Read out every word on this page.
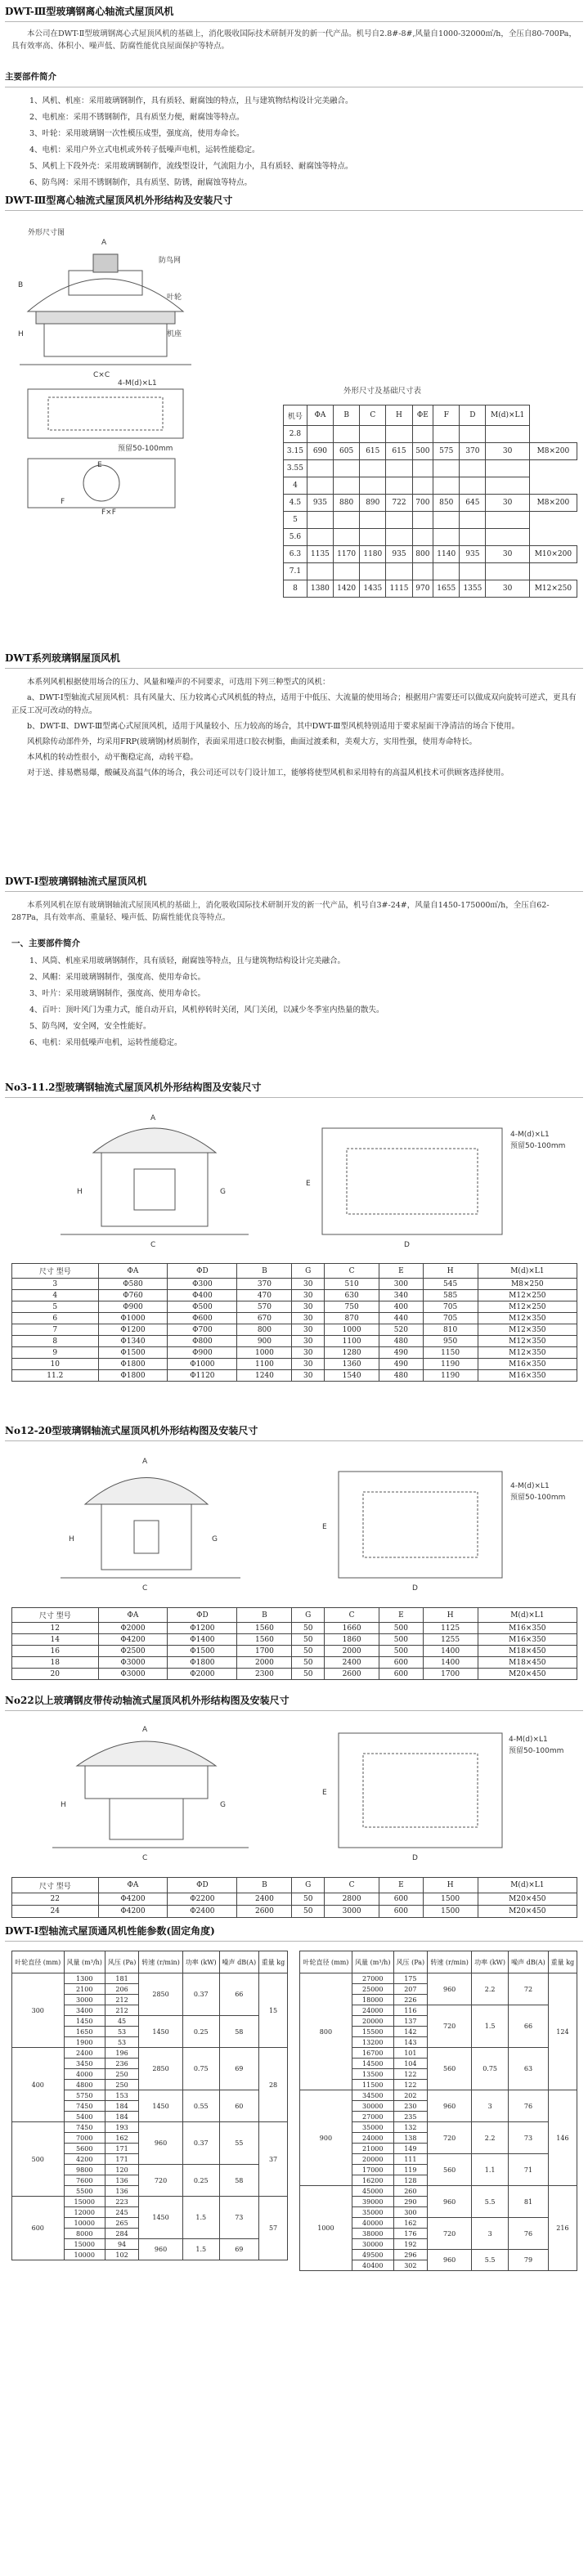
DWT-Ⅲ型玻璃钢离心轴流式屋顶风机
本公司在DWT-Ⅱ型玻璃钢离心式屋顶风机的基础上，消化吸收国际技术研制开发的新一代产品。机号自2.8#-8#,风量自1000-32000㎥/h，全压自80-700Pa，具有效率高、体积小、噪声低、防腐性能优良屋面保护等特点。
主要部件简介

1、风机、机座：采用玻璃钢制作，具有质轻、耐腐蚀的特点，且与建筑物结构设计完美融合。

2、电机座：采用不锈钢制作，具有质坚力便，耐腐蚀等特点。

3、叶轮：采用玻璃钢一次性模压成型，强度高，使用寿命长。

4、电机：采用户外立式电机或外转子低噪声电机，运转性能稳定。

5、风机上下段外壳：采用玻璃钢制作，流线型设计，气流阻力小，具有质轻、耐腐蚀等特点。

6、防鸟网：采用不锈钢制作，具有质坚、防锈，耐腐蚀等特点。

DWT-Ⅲ型离心轴流式屋顶风机外形结构及安装尺寸
外形尺寸图
防鸟网
叶轮
机座
A
B
H
C×C
4-M(d)×L1
预留50-100mm
E
F
F×F
外形尺寸及基础尺寸表
机号	ΦA	B	C	H	ΦE	F	D	M(d)×L1	
2.8									
3.15	690	605	615	615	500	575	370	30	M8×200
3.55									
4									
4.5	935	880	890	722	700	850	645	30	M8×200
5									
5.6									
6.3	1135	1170	1180	935	800	1140	935	30	M10×200
7.1									
8	1380	1420	1435	1115	970	1655	1355	30	M12×250
DWT系列玻璃钢屋顶风机

本系列风机根据使用场合的压力、风量和噪声的不同要求，可选用下列三种型式的风机：

a、DWT-Ⅰ型轴流式屋顶风机：具有风量大、压力较离心式风机低的特点，适用于中低压、大流量的使用场合；根据用户需要还可以做成双向旋转可逆式，更具有正反工况可改动的特点。

b、DWT-Ⅱ、DWT-Ⅲ型离心式屋顶风机，适用于风量较小、压力较高的场合，其中DWT-Ⅲ型风机特别适用于要求屋面干净清洁的场合下使用。

风机除传动部件外，均采用FRP(玻璃钢)材质制作，表面采用进口胶衣树脂，曲面过渡柔和，美观大方，实用性强，使用寿命特长。

本风机的转动性很小，动平衡稳定高，动转平稳。

对于送、排易燃易爆，酸碱及高温气体的场合，我公司还可以专门设计加工，能够将使型风机和采用特有的高温风机技术可供顾客选择使用。

DWT-Ⅰ型玻璃钢轴流式屋顶风机
本系列风机在原有玻璃钢轴流式屋顶风机的基础上，消化吸收国际技术研制开发的新一代产品，机号自3#-24#，风量自1450-175000㎥/h，全压自62-287Pa，具有效率高、重量轻、噪声低、防腐性能优良等特点。
一、主要部件简介

1、风筒、机座采用玻璃钢制作，具有质轻，耐腐蚀等特点，且与建筑物结构设计完美融合。

2、风帽：采用玻璃钢制作，强度高、使用寿命长。

3、叶片：采用玻璃钢制作，强度高、使用寿命长。

4、百叶：顶叶风门为重力式，能自动开启，风机停转时关闭，风门关闭，以减少冬季室内热量的散失。

5、防鸟网，安全网，安全性能好。

6、电机：采用低噪声电机，运转性能稳定。

No3-11.2型玻璃钢轴流式屋顶风机外形结构图及安装尺寸
C
H
A
G
D
E
4-M(d)×L1
预留50-100mm
尺寸 型号	ΦA	ΦD	B	G	C	E	H	M(d)×L1
3	Φ580	Φ300	370	30	510	300	545	M8×250
4	Φ760	Φ400	470	30	630	340	585	M12×250
5	Φ900	Φ500	570	30	750	400	705	M12×250
6	Φ1000	Φ600	670	30	870	440	705	M12×350
7	Φ1200	Φ700	800	30	1000	520	810	M12×350
8	Φ1340	Φ800	900	30	1100	480	950	M12×350
9	Φ1500	Φ900	1000	30	1280	490	1150	M12×350
10	Φ1800	Φ1000	1100	30	1360	490	1190	M16×350
11.2	Φ1800	Φ1120	1240	30	1540	480	1190	M16×350
No12-20型玻璃钢轴流式屋顶风机外形结构图及安装尺寸
C
H
A
G
D
E
4-M(d)×L1
预留50-100mm
尺寸 型号	ΦA	ΦD	B	G	C	E	H	M(d)×L1
12	Φ2000	Φ1200	1560	50	1660	500	1125	M16×350
14	Φ4200	Φ1400	1560	50	1860	500	1255	M16×350
16	Φ2500	Φ1500	1700	50	2000	500	1400	M18×450
18	Φ3000	Φ1800	2000	50	2400	600	1400	M18×450
20	Φ3000	Φ2000	2300	50	2600	600	1700	M20×450
No22以上玻璃钢皮带传动轴流式屋顶风机外形结构图及安装尺寸
C
H
A
G
D
E
4-M(d)×L1
预留50-100mm
尺寸 型号	ΦA	ΦD	B	G	C	E	H	M(d)×L1
22	Φ4200	Φ2200	2400	50	2800	600	1500	M20×450
24	Φ4200	Φ2400	2600	50	3000	600	1500	M20×450
DWT-Ⅰ型轴流式屋顶通风机性能参数(固定角度)
叶轮直径 (mm)	风量 (m³/h)	风压 (Pa)	转速 (r/min)	功率 (kW)	噪声 dB(A)	重量 kg
300	1300	181	2850	0.37	66	15
	2100	206				
	3000	212				
	3400	212				
	1450	45	1450	0.25	58	
	1650	53				
	1900	53				
400	2400	196	2850	0.75	69	28
	3450	236				
	4000	250				
	4800	250				
	5750	153	1450	0.55	60	
	7450	184				
	5400	184				
500	7450	193	960	0.37	55	37
	7000	162				
	5600	171				
	4200	171				
	9800	120	720	0.25	58	
	7600	136				
	5500	136				
600	15000	223	1450	1.5	73	57
	12000	245				
	10000	265				
	8000	284				
	15000	94	960	1.5	69	
	10000	102				
叶轮直径 (mm)	风量 (m³/h)	风压 (Pa)	转速 (r/min)	功率 (kW)	噪声 dB(A)	重量 kg
800	27000	175	960	2.2	72	124
	25000	207				
	18000	226				
	24000	116	720	1.5	66	
	20000	137				
	15500	142				
	13200	143				
	16700	101	560	0.75	63	
	14500	104				
	13500	122				
	11500	122				
900	34500	202	960	3	76	146
	30000	230				
	27000	235				
	35000	132	720	2.2	73	
	24000	138				
	21000	149				
	20000	111	560	1.1	71	
	17000	119				
	16200	128				
1000	45000	260	960	5.5	81	216
	39000	290				
	35000	300				
	40000	162	720	3	76	
	38000	176				
	30000	192				
	49500	296	960	5.5	79	
	40400	302				
